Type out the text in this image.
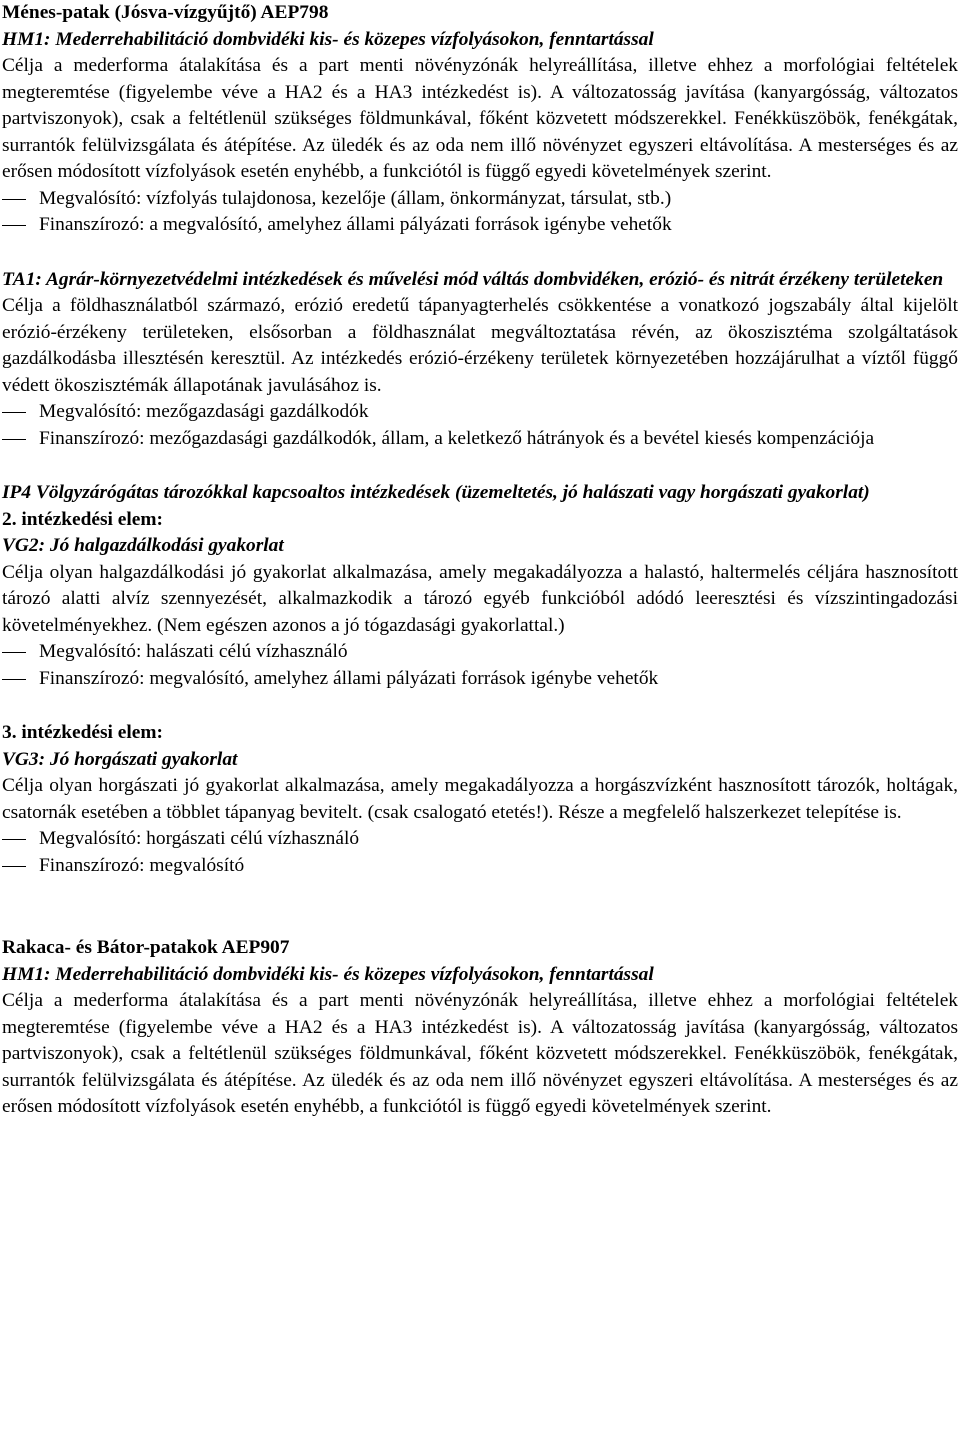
Ménes-patak (Jósva-vízgyűjtő) AEP798

HM1: Mederrehabilitáció dombvidéki kis- és közepes vízfolyásokon, fenntartással

Célja a mederforma átalakítása és a part menti növényzónák helyreállítása, illetve ehhez a morfológiai feltételek megteremtése (figyelembe véve a HA2 és a HA3 intézkedést is). A változatosság javítása (kanyargósság, változatos partviszonyok), csak a feltétlenül szükséges földmunkával, főként közvetett módszerekkel. Fenékküszöbök, fenékgátak, surrantók felülvizsgálata és átépítése. Az üledék és az oda nem illő növényzet egyszeri eltávolítása. A mesterséges és az erősen módosított vízfolyások esetén enyhébb, a funkciótól is függő egyedi követelmények szerint.

Megvalósító: vízfolyás tulajdonosa, kezelője (állam, önkormányzat, társulat, stb.)
Finanszírozó: a megvalósító, amelyhez állami pályázati források igénybe vehetők

TA1: Agrár-környezetvédelmi intézkedések és művelési mód váltás dombvidéken, erózió- és nitrát érzékeny területeken

Célja a földhasználatból származó, erózió eredetű tápanyagterhelés csökkentése a vonatkozó jogszabály által kijelölt erózió-érzékeny területeken, elsősorban a földhasználat megváltoztatása révén, az ökoszisztéma szolgáltatások gazdálkodásba illesztésén keresztül. Az intézkedés erózió-érzékeny területek környezetében hozzájárulhat a víztől függő védett ökoszisztémák állapotának javulásához is.

Megvalósító: mezőgazdasági gazdálkodók
Finanszírozó: mezőgazdasági gazdálkodók, állam, a keletkező hátrányok és a bevétel kiesés kompenzációja

IP4 Völgyzárógátas tározókkal kapcsoaltos intézkedések (üzemeltetés, jó halászati vagy horgászati gyakorlat)

2. intézkedési elem:

VG2: Jó halgazdálkodási gyakorlat

Célja olyan halgazdálkodási jó gyakorlat alkalmazása, amely megakadályozza a halastó, haltermelés céljára hasznosított tározó alatti alvíz szennyezését, alkalmazkodik a tározó egyéb funkcióból adódó leeresztési és vízszintingadozási követelményekhez. (Nem egészen azonos a jó tógazdasági gyakorlattal.)

Megvalósító: halászati célú vízhasználó
Finanszírozó: megvalósító, amelyhez állami pályázati források igénybe vehetők

3. intézkedési elem:

VG3: Jó horgászati gyakorlat

Célja olyan horgászati jó gyakorlat alkalmazása, amely megakadályozza a horgászvízként hasznosított tározók, holtágak, csatornák esetében a többlet tápanyag bevitelt. (csak csalogató etetés!). Része a megfelelő halszerkezet telepítése is.

Megvalósító: horgászati célú vízhasználó
Finanszírozó: megvalósító

Rakaca- és Bátor-patakok AEP907

HM1: Mederrehabilitáció dombvidéki kis- és közepes vízfolyásokon, fenntartással

Célja a mederforma átalakítása és a part menti növényzónák helyreállítása, illetve ehhez a morfológiai feltételek megteremtése (figyelembe véve a HA2 és a HA3 intézkedést is). A változatosság javítása (kanyargósság, változatos partviszonyok), csak a feltétlenül szükséges földmunkával, főként közvetett módszerekkel. Fenékküszöbök, fenékgátak, surrantók felülvizsgálata és átépítése. Az üledék és az oda nem illő növényzet egyszeri eltávolítása. A mesterséges és az erősen módosított vízfolyások esetén enyhébb, a funkciótól is függő egyedi követelmények szerint.
